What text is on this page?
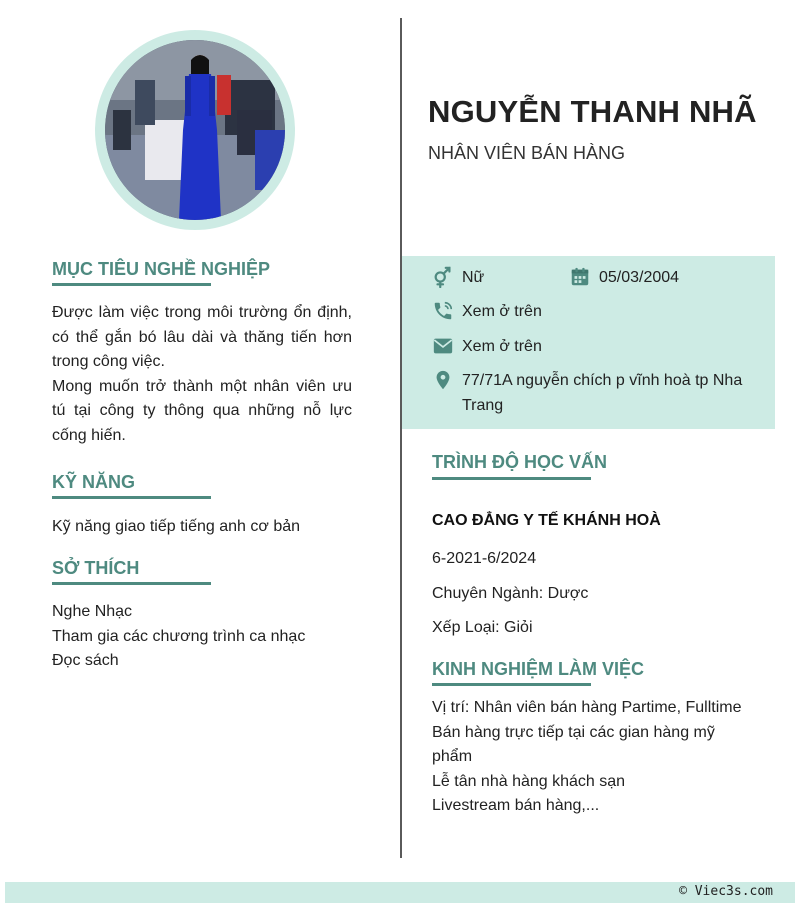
NGUYỄN THANH NHÃ
NHÂN VIÊN BÁN HÀNG
MỤC TIÊU NGHỀ NGHIỆP
Được làm việc trong môi trường ổn định, có thể gắn bó lâu dài và thăng tiến hơn trong công việc.
Mong muốn trở thành một nhân viên ưu tú tại công ty thông qua những nỗ lực cống hiến.
KỸ NĂNG
Kỹ năng giao tiếp tiếng anh cơ bản
SỞ THÍCH
Nghe Nhạc
Tham gia các chương trình ca nhạc
Đọc sách
Nữ	05/03/2004
Xem ở trên
Xem ở trên
77/71A nguyễn chích p vĩnh hoà tp Nha Trang
TRÌNH ĐỘ HỌC VẤN
CAO ĐẲNG Y TẾ KHÁNH HOÀ
6-2021-6/2024
Chuyên Ngành: Dược
Xếp Loại: Giỏi
KINH NGHIỆM LÀM VIỆC
Vị trí: Nhân viên bán hàng Partime, Fulltime
Bán hàng trực tiếp tại các gian hàng mỹ phẩm
Lễ tân nhà hàng khách sạn
Livestream bán hàng,...
© Viec3s.com
